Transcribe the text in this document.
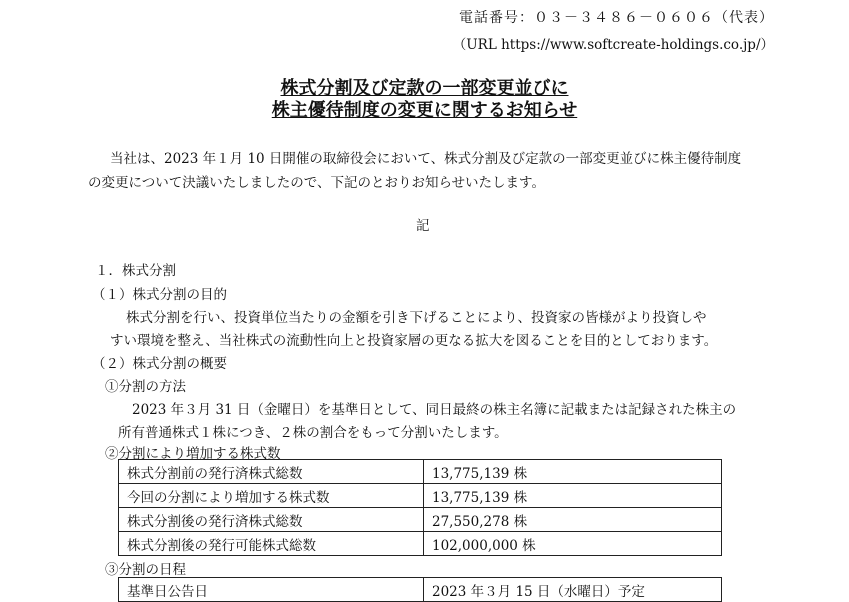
電話番号：０３－３４８６－０６０６（代表）
（URL https://www.softcreate-holdings.co.jp/）
株式分割及び定款の一部変更並びに
株主優待制度の変更に関するお知らせ
当社は、2023 年１月 10 日開催の取締役会において、株式分割及び定款の一部変更並びに株主優待制度
の変更について決議いたしましたので、下記のとおりお知らせいたします。
記
１．株式分割
（１）株式分割の目的
株式分割を行い、投資単位当たりの金額を引き下げることにより、投資家の皆様がより投資しや
すい環境を整え、当社株式の流動性向上と投資家層の更なる拡大を図ることを目的としております。
（２）株式分割の概要
①分割の方法
2023 年３月 31 日（金曜日）を基準日として、同日最終の株主名簿に記載または記録された株主の
所有普通株式１株につき、２株の割合をもって分割いたします。
②分割により増加する株式数
株式分割前の発行済株式総数	13,775,139 株
今回の分割により増加する株式数	13,775,139 株
株式分割後の発行済株式総数	27,550,278 株
株式分割後の発行可能株式総数	102,000,000 株
③分割の日程
基準日公告日	2023 年３月 15 日（水曜日）予定
